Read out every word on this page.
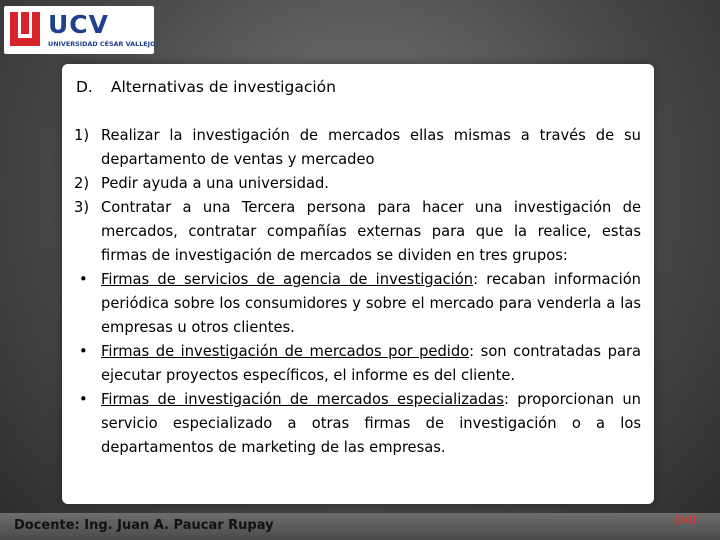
UCV
UNIVERSIDAD CÉSAR VALLEJO
D. Alternativas de investigación
1) Realizar la investigación de mercados ellas mismas a través de su departamento de ventas y mercadeo
2) Pedir ayuda a una universidad.
3) Contratar a una Tercera persona para hacer una investigación de mercados, contratar compañías externas para que la realice, estas firmas de investigación de mercados se dividen en tres grupos:
• Firmas de servicios de agencia de investigación: recaban información periódica sobre los consumidores y sobre el mercado para venderla a las empresas u otros clientes.
• Firmas de investigación de mercados por pedido: son contratadas para ejecutar proyectos específicos, el informe es del cliente.
• Firmas de investigación de mercados especializadas: proporcionan un servicio especializado a otras firmas de investigación o a los departamentos de marketing de las empresas.
Docente: Ing. Juan A. Paucar Rupay	[30]
